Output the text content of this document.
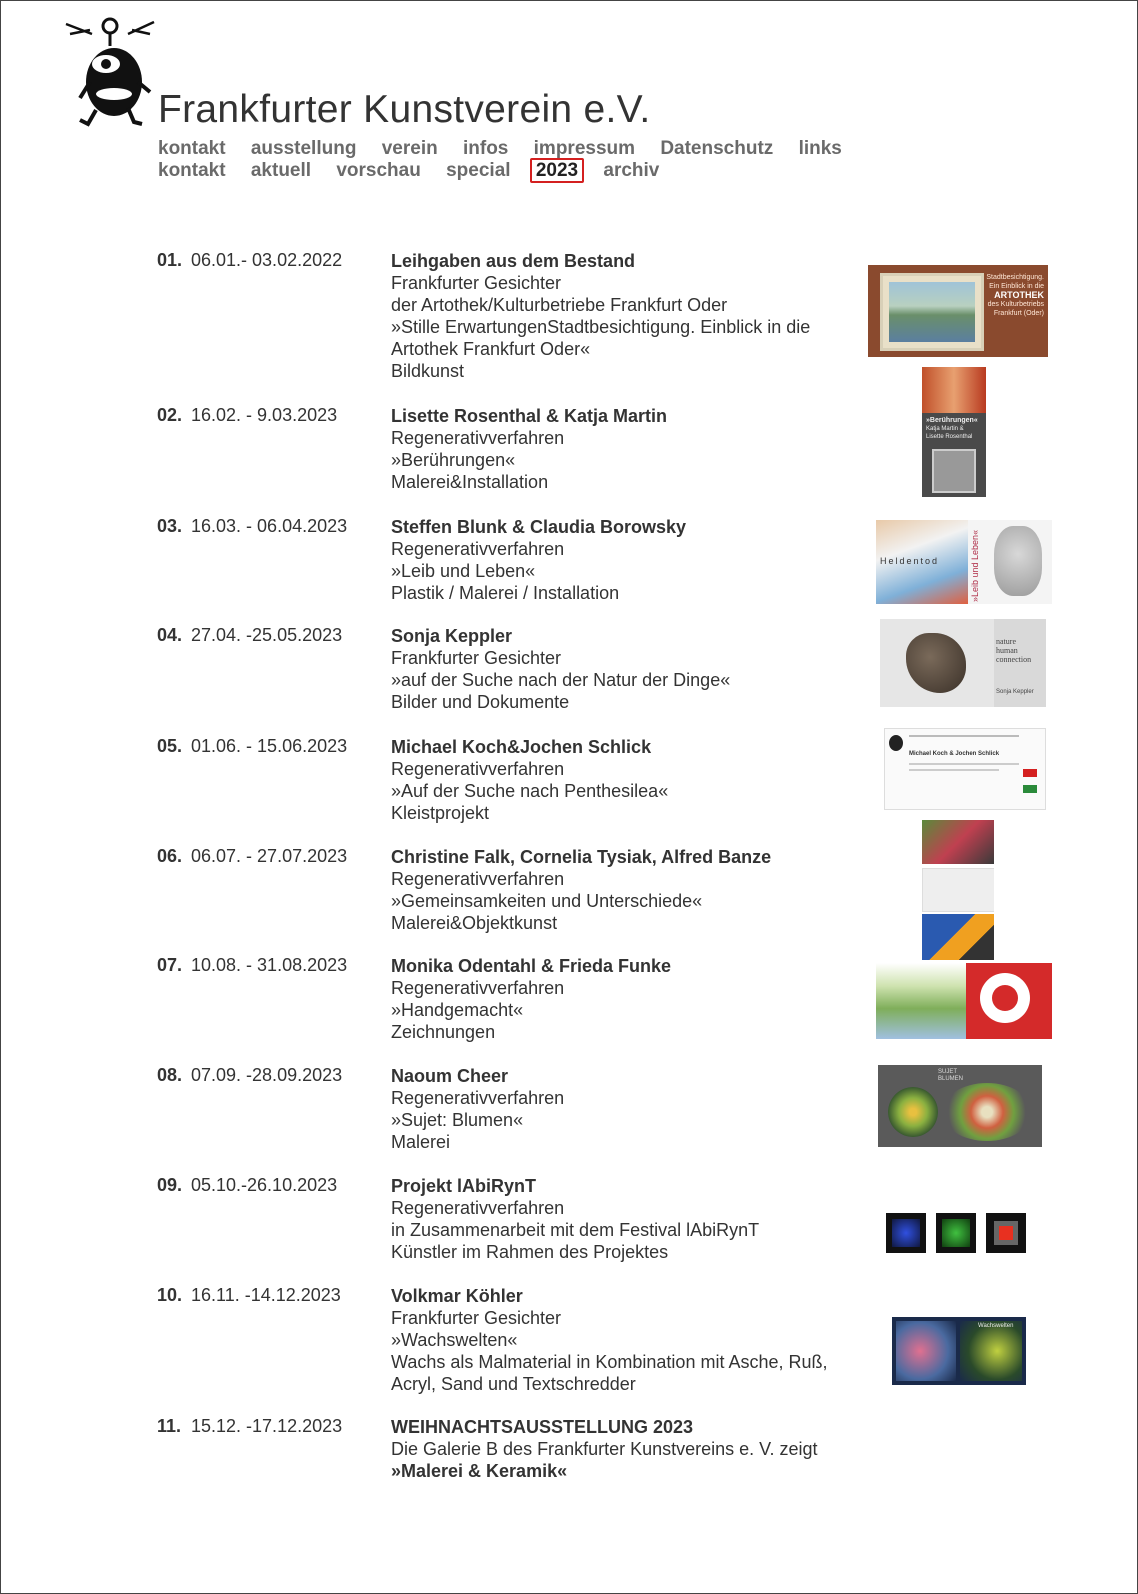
Frankfurter Kunstverein e.V.
kontakt ausstellung verein infos impressum Datenschutz links
kontakt aktuell vorschau special 2023 archiv
01. 06.01.- 03.02.2022	Leihgaben aus dem Bestand
Frankfurter Gesichter
der Artothek/Kulturbetriebe Frankfurt Oder
»Stille ErwartungenStadtbesichtigung. Einblick in die Artothek Frankfurt Oder«
Bildkunst
Stadtbesichtigung.
Ein Einblick in die
ARTOTHEK
des Kulturbetriebs
Frankfurt (Oder)
02. 16.02. - 9.03.2023	Lisette Rosenthal & Katja Martin
Regenerativverfahren
»Berührungen«
Malerei&Installation
»Berührungen«
Katja Martin &
Lisette Rosenthal
03. 16.03. - 06.04.2023 Steffen Blunk & Claudia Borowsky
Regenerativverfahren
»Leib und Leben«
Plastik / Malerei / Installation
Heldentod	»Leib und Leben«
04. 27.04. -25.05.2023	Sonja Keppler
Frankfurter Gesichter
»auf der Suche nach der Natur der Dinge«
Bilder und Dokumente
nature
human
connection
Sonja Keppler
05. 01.06. - 15.06.2023 Michael Koch&Jochen Schlick
Regenerativverfahren
»Auf der Suche nach Penthesilea«
Kleistprojekt
Michael Koch & Jochen Schlick
06. 06.07. - 27.07.2023 Christine Falk, Cornelia Tysiak, Alfred Banze
Regenerativverfahren
»Gemeinsamkeiten und Unterschiede«
Malerei&Objektkunst
07. 10.08. - 31.08.2023 Monika Odentahl & Frieda Funke
Regenerativverfahren
»Handgemacht«
Zeichnungen
08. 07.09. -28.09.2023	Naoum Cheer
Regenerativverfahren
»Sujet: Blumen«
Malerei
SUJET
BLUMEN
09. 05.10.-26.10.2023	Projekt lAbiRynT
Regenerativverfahren
in Zusammenarbeit mit dem Festival lAbiRynT
Künstler im Rahmen des Projektes
10. 16.11. -14.12.2023	Volkmar Köhler
Frankfurter Gesichter
»Wachswelten«
Wachs als Malmaterial in Kombination mit Asche, Ruß, Acryl, Sand und Textschredder
Wachswelten
11. 15.12. -17.12.2023	WEIHNACHTSAUSSTELLUNG 2023
Die Galerie B des Frankfurter Kunstvereins e. V. zeigt
»Malerei & Keramik«
